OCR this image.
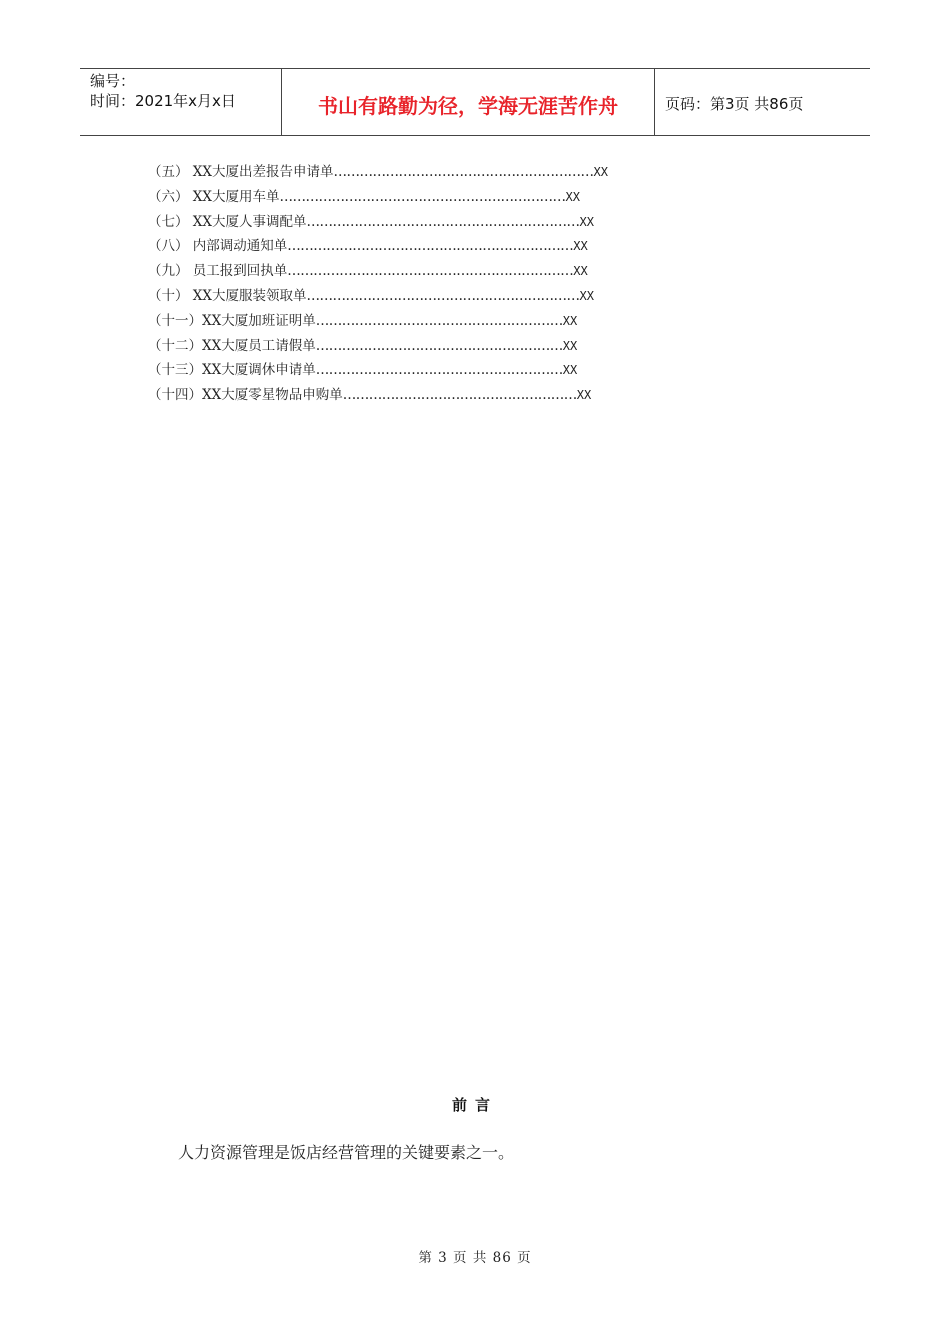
编号：
时间：2021年x月x日	书山有路勤为径，学海无涯苦作舟	页码：第3页 共86页
（五） XX大厦出差报告申请单……………………………………………………XX
（六） XX大厦用车单…………………………………………………………XX
（七） XX大厦人事调配单………………………………………………………XX
（八） 内部调动通知单…………………………………………………………XX
（九） 员工报到回执单…………………………………………………………XX
（十） XX大厦服装领取单………………………………………………………XX
（十一）XX大厦加班证明单…………………………………………………XX
（十二）XX大厦员工请假单…………………………………………………XX
（十三）XX大厦调休申请单…………………………………………………XX
（十四）XX大厦零星物品申购单………………………………………………XX
前言
人力资源管理是饭店经营管理的关键要素之一。
第 3 页 共 86 页
